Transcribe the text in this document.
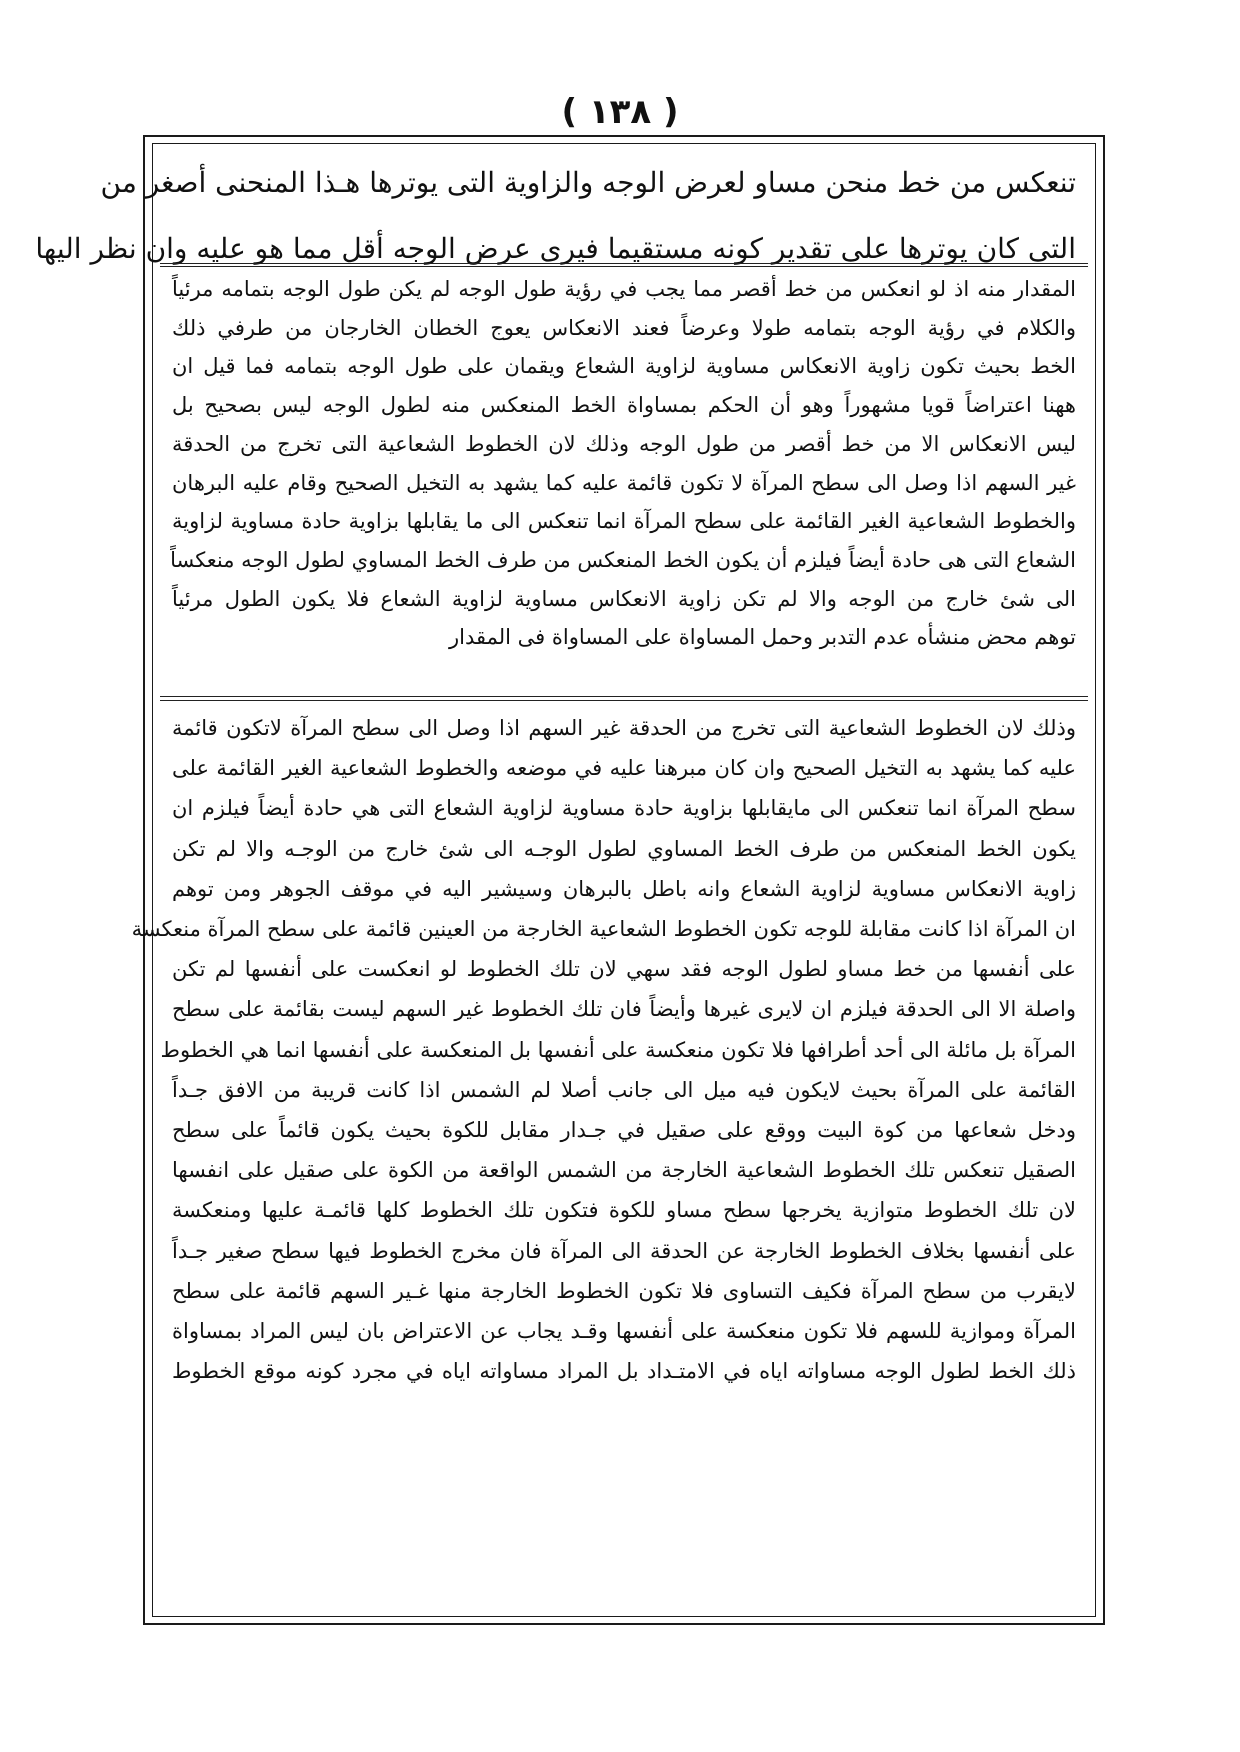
( ١٣٨ )
تنعكس من خط منحن مساو لعرض الوجه والزاوية التى يوترها هـذا المنحنى أصغر من
التى كان يوترها على تقدير كونه مستقيما فيرى عرض الوجه أقل مما هو عليه وان نظر اليها
المقدار منه اذ لو انعكس من خط أقصر مما يجب في رؤية طول الوجه لم يكن طول الوجه بتمامه مرئياً
والكلام في رؤية الوجه بتمامه طولا وعرضاً فعند الانعكاس يعوج الخطان الخارجان من طرفي ذلك
الخط بحيث تكون زاوية الانعكاس مساوية لزاوية الشعاع ويقمان على طول الوجه بتمامه فما قيل ان
ههنا اعتراضاً قويا مشهوراً وهو أن الحكم بمساواة الخط المنعكس منه لطول الوجه ليس بصحيح بل
ليس الانعكاس الا من خط أقصر من طول الوجه وذلك لان الخطوط الشعاعية التى تخرج من الحدقة
غير السهم اذا وصل الى سطح المرآة لا تكون قائمة عليه كما يشهد به التخيل الصحيح وقام عليه البرهان
والخطوط الشعاعية الغير القائمة على سطح المرآة انما تنعكس الى ما يقابلها بزاوية حادة مساوية لزاوية
الشعاع التى هى حادة أيضاً فيلزم أن يكون الخط المنعكس من طرف الخط المساوي لطول الوجه منعكساً
الى شئ خارج من الوجه والا لم تكن زاوية الانعكاس مساوية لزاوية الشعاع فلا يكون الطول مرئياً
توهم محض منشأه عدم التدبر وحمل المساواة على المساواة فى المقدار
وذلك لان الخطوط الشعاعية التى تخرج من الحدقة غير السهم اذا وصل الى سطح المرآة لاتكون قائمة
عليه كما يشهد به التخيل الصحيح وان كان مبرهنا عليه في موضعه والخطوط الشعاعية الغير القائمة على
سطح المرآة انما تنعكس الى مايقابلها بزاوية حادة مساوية لزاوية الشعاع التى هي حادة أيضاً فيلزم ان
يكون الخط المنعكس من طرف الخط المساوي لطول الوجـه الى شئ خارج من الوجـه والا لم تكن
زاوية الانعكاس مساوية لزاوية الشعاع وانه باطل بالبرهان وسيشير اليه في موقف الجوهر ومن توهم
ان المرآة اذا كانت مقابلة للوجه تكون الخطوط الشعاعية الخارجة من العينين قائمة على سطح المرآة منعكسة
على أنفسها من خط مساو لطول الوجه فقد سهي لان تلك الخطوط لو انعكست على أنفسها لم تكن
واصلة الا الى الحدقة فيلزم ان لايرى غيرها وأيضاً فان تلك الخطوط غير السهم ليست بقائمة على سطح
المرآة بل مائلة الى أحد أطرافها فلا تكون منعكسة على أنفسها بل المنعكسة على أنفسها انما هي الخطوط
القائمة على المرآة بحيث لايكون فيه ميل الى جانب أصلا لم الشمس اذا كانت قريبة من الافق جـداً
ودخل شعاعها من كوة البيت ووقع على صقيل في جـدار مقابل للكوة بحيث يكون قائماً على سطح
الصقيل تنعكس تلك الخطوط الشعاعية الخارجة من الشمس الواقعة من الكوة على صقيل على انفسها
لان تلك الخطوط متوازية يخرجها سطح مساو للكوة فتكون تلك الخطوط كلها قائمـة عليها ومنعكسة
على أنفسها بخلاف الخطوط الخارجة عن الحدقة الى المرآة فان مخرج الخطوط فيها سطح صغير جـداً
لايقرب من سطح المرآة فكيف التساوى فلا تكون الخطوط الخارجة منها غـير السهم قائمة على سطح
المرآة وموازية للسهم فلا تكون منعكسة على أنفسها وقـد يجاب عن الاعتراض بان ليس المراد بمساواة
ذلك الخط لطول الوجه مساواته اياه في الامتـداد بل المراد مساواته اياه في مجرد كونه موقع الخطوط
